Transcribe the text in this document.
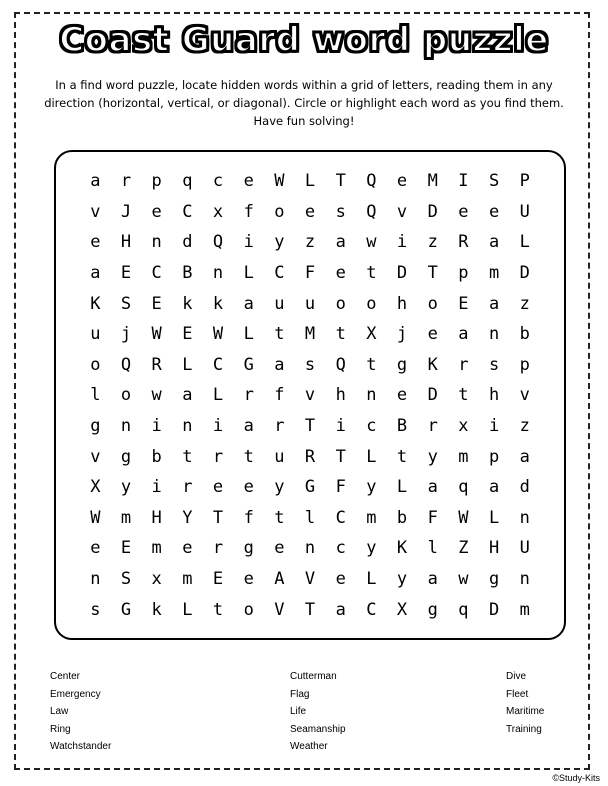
Coast Guard word puzzle
In a find word puzzle, locate hidden words within a grid of letters, reading them in any direction (horizontal, vertical, or diagonal). Circle or highlight each word as you find them. Have fun solving!
a	r	p	q	c	e	W	L	T	Q	e	M	I	S	P
v	J	e	C	x	f	o	e	s	Q	v	D	e	e	U
e	H	n	d	Q	i	y	z	a	w	i	z	R	a	L
a	E	C	B	n	L	C	F	e	t	D	T	p	m	D
K	S	E	k	k	a	u	u	o	o	h	o	E	a	z
u	j	W	E	W	L	t	M	t	X	j	e	a	n	b
o	Q	R	L	C	G	a	s	Q	t	g	K	r	s	p
l	o	w	a	L	r	f	v	h	n	e	D	t	h	v
g	n	i	n	i	a	r	T	i	c	B	r	x	i	z
v	g	b	t	r	t	u	R	T	L	t	y	m	p	a
X	y	i	r	e	e	y	G	F	y	L	a	q	a	d
W	m	H	Y	T	f	t	l	C	m	b	F	W	L	n
e	E	m	e	r	g	e	n	c	y	K	l	Z	H	U
n	S	x	m	E	e	A	V	e	L	y	a	w	g	n
s	G	k	L	t	o	V	T	a	C	X	g	q	D	m
Center
Emergency
Law
Ring
Watchstander
Cutterman
Flag
Life
Seamanship
Weather
Dive
Fleet
Maritime
Training
©Study-Kits
